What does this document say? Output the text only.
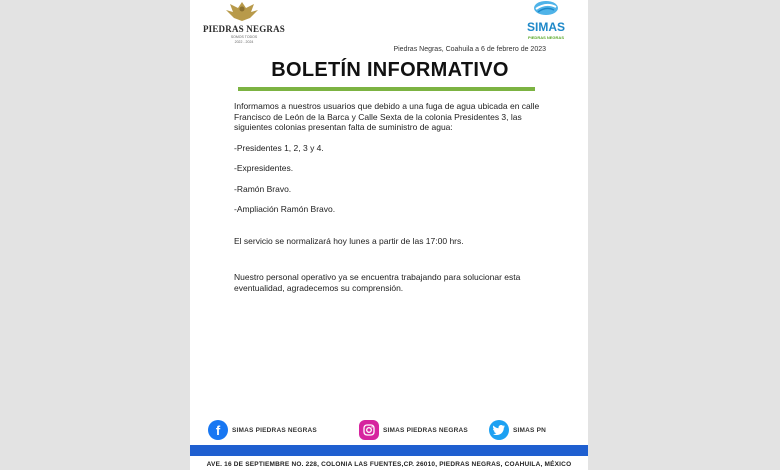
PIEDRAS NEGRAS
SOMOS TODOS
2022 - 2024
SIMAS
PIEDRAS NEGRAS
Piedras Negras, Coahuila a 6 de febrero de 2023
BOLETÍN INFORMATIVO

Informamos a nuestros usuarios que debido a una fuga de agua ubicada en calle Francisco de León de la Barca y Calle Sexta de la colonia Presidentes 3, las siguientes colonias presentan falta de suministro de agua:

-Presidentes 1, 2, 3 y 4.

-Expresidentes.

-Ramón Bravo.

-Ampliación Ramón Bravo.

El servicio se normalizará hoy lunes a partir de las 17:00 hrs.

Nuestro personal operativo ya se encuentra trabajando para solucionar esta eventualidad, agradecemos su comprensión.

f	SIMAS PIEDRAS NEGRAS	SIMAS PIEDRAS NEGRAS	SIMAS PN
AVE. 16 DE SEPTIEMBRE NO. 228, COLONIA LAS FUENTES,CP. 26010, PIEDRAS NEGRAS, COAHUILA, MÉXICO
